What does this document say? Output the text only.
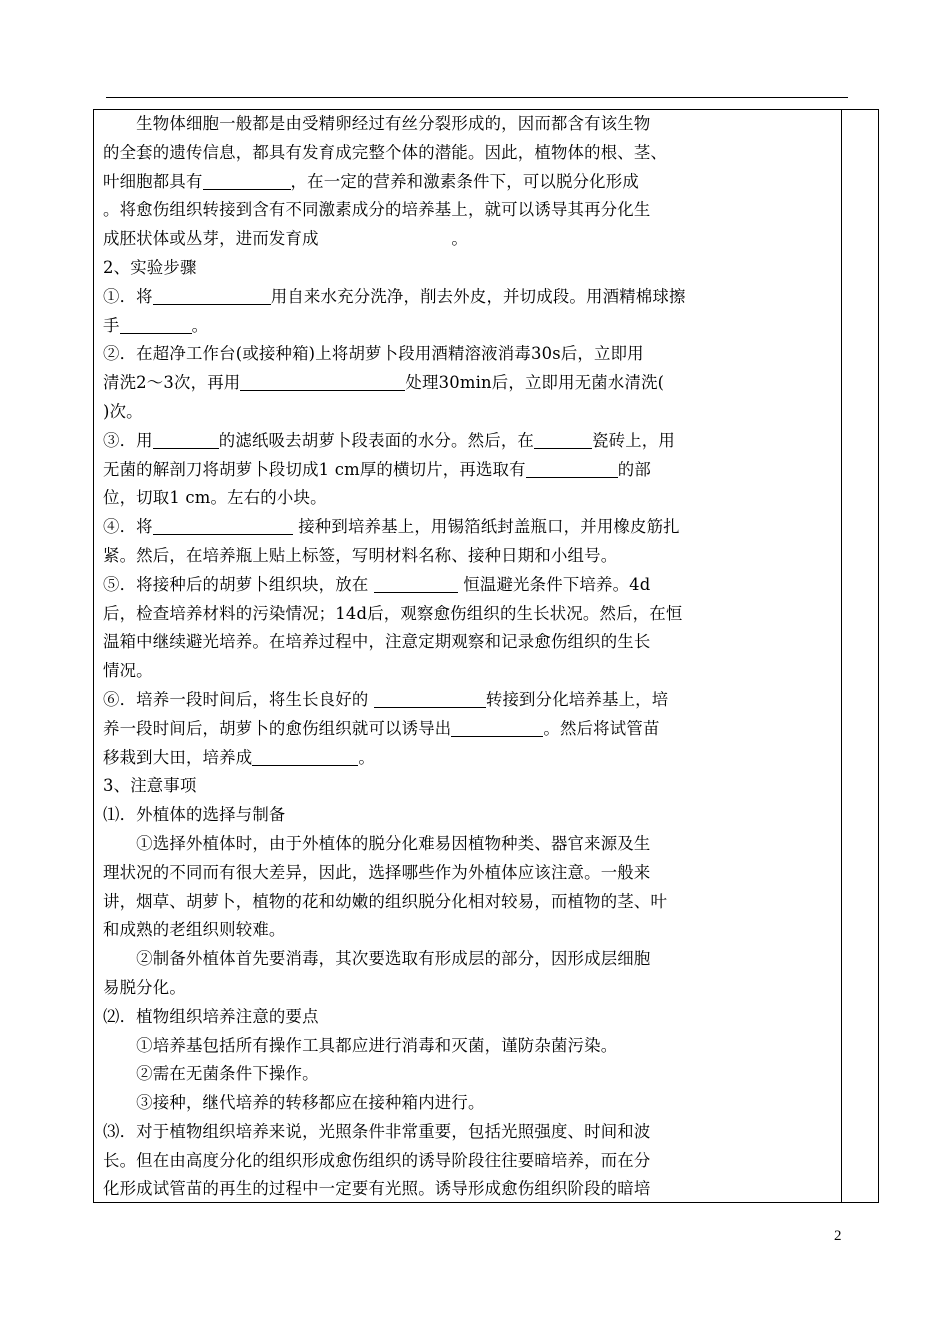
　　生物体细胞一般都是由受精卵经过有丝分裂形成的，因而都含有该生物
的全套的遗传信息，都具有发育成完整个体的潜能。因此，植物体的根、茎、
叶细胞都具有	，在一定的营养和激素条件下，可以脱分化形成
。将愈伤组织转接到含有不同激素成分的培养基上，就可以诱导其再分化生
成胚状体或丛芽，进而发育成　　　　　　　　。
2、实验步骤
①．将	用自来水充分洗净，削去外皮，并切成段。用酒精棉球擦
手	。
②．在超净工作台(或接种箱)上将胡萝卜段用酒精溶液消毒30s后，立即用
清洗2～3次，再用	处理30min后，立即用无菌水清洗(
)次。
③．用	的滤纸吸去胡萝卜段表面的水分。然后，在	瓷砖上，用
无菌的解剖刀将胡萝卜段切成1 cm厚的横切片，再选取有	的部
位，切取1 cm。左右的小块。
④．将	接种到培养基上，用锡箔纸封盖瓶口，并用橡皮筋扎
紧。然后，在培养瓶上贴上标签，写明材料名称、接种日期和小组号。
⑤．将接种后的胡萝卜组织块，放在	恒温避光条件下培养。4d
后，检查培养材料的污染情况；14d后，观察愈伤组织的生长状况。然后，在恒
温箱中继续避光培养。在培养过程中，注意定期观察和记录愈伤组织的生长
情况。
⑥．培养一段时间后，将生长良好的	转接到分化培养基上，培
养一段时间后，胡萝卜的愈伤组织就可以诱导出	。然后将试管苗
移栽到大田，培养成	。
3、注意事项
⑴．外植体的选择与制备
　　①选择外植体时，由于外植体的脱分化难易因植物种类、器官来源及生
理状况的不同而有很大差异，因此，选择哪些作为外植体应该注意。一般来
讲，烟草、胡萝卜，植物的花和幼嫩的组织脱分化相对较易，而植物的茎、叶
和成熟的老组织则较难。
　　②制备外植体首先要消毒，其次要选取有形成层的部分，因形成层细胞
易脱分化。
⑵．植物组织培养注意的要点
　　①培养基包括所有操作工具都应进行消毒和灭菌，谨防杂菌污染。
　　②需在无菌条件下操作。
　　③接种，继代培养的转移都应在接种箱内进行。
⑶．对于植物组织培养来说，光照条件非常重要，包括光照强度、时间和波
长。但在由高度分化的组织形成愈伤组织的诱导阶段往往要暗培养，而在分
化形成试管苗的再生的过程中一定要有光照。诱导形成愈伤组织阶段的暗培
2
